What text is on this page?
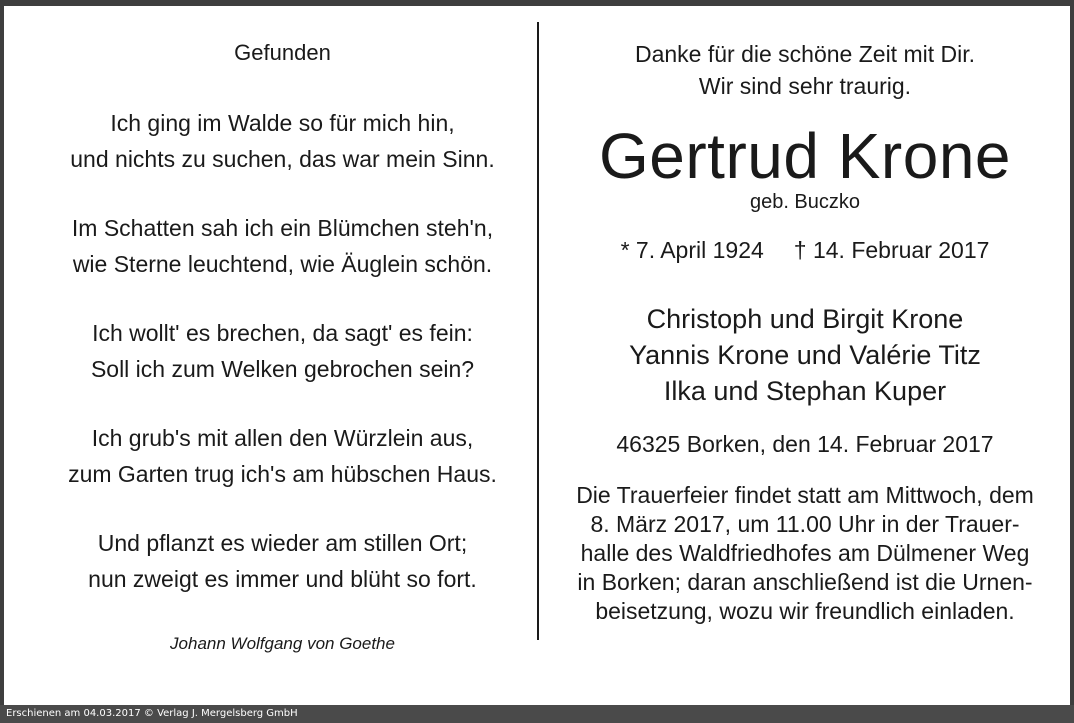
Gefunden
Ich ging im Walde so für mich hin,
und nichts zu suchen, das war mein Sinn.
Im Schatten sah ich ein Blümchen steh'n,
wie Sterne leuchtend, wie Äuglein schön.
Ich wollt' es brechen, da sagt' es fein:
Soll ich zum Welken gebrochen sein?
Ich grub's mit allen den Würzlein aus,
zum Garten trug ich's am hübschen Haus.
Und pflanzt es wieder am stillen Ort;
nun zweigt es immer und blüht so fort.
Johann Wolfgang von Goethe
Danke für die schöne Zeit mit Dir.
Wir sind sehr traurig.
Gertrud Krone
geb. Buczko
* 7. April 1924 † 14. Februar 2017
Christoph und Birgit Krone
Yannis Krone und Valérie Titz
Ilka und Stephan Kuper
46325 Borken, den 14. Februar 2017
Die Trauerfeier findet statt am Mittwoch, dem
8. März 2017, um 11.00 Uhr in der Trauer-
halle des Waldfriedhofes am Dülmener Weg
in Borken; daran anschließend ist die Urnen-
beisetzung, wozu wir freundlich einladen.
Erschienen am 04.03.2017 © Verlag J. Mergelsberg GmbH
